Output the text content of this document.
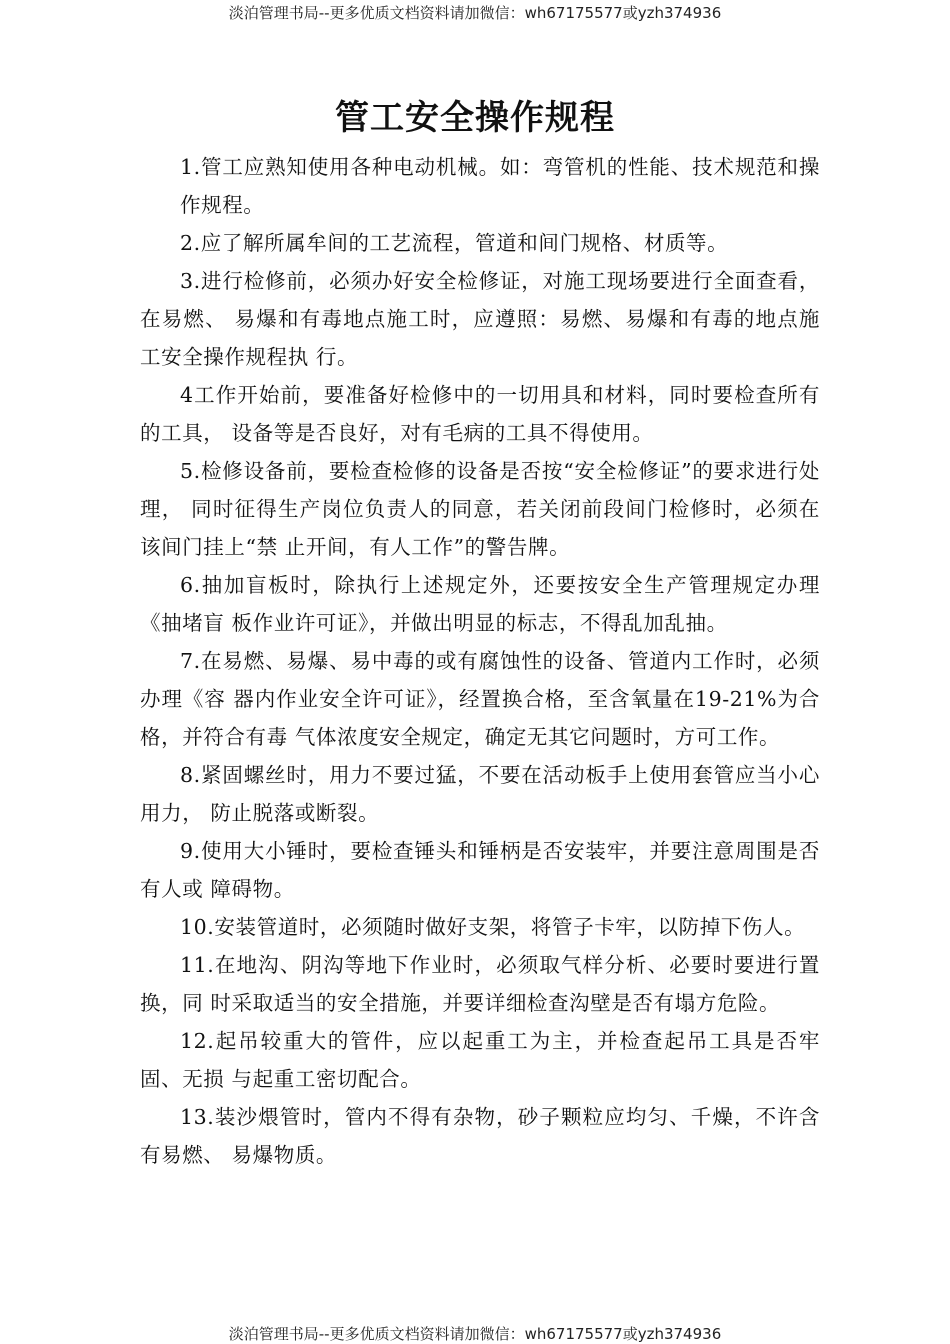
淡泊管理书局--更多优质文档资料请加微信：wh67175577或yzh374936
管工安全操作规程

1.管工应熟知使用各种电动机械。如：弯管机的性能、技术规范和操作规程。

2.应了解所属牟间的工艺流程，管道和间门规格、材质等。

3.进行检修前，必须办好安全检修证，对施工现场要进行全面查看，在易燃、 易爆和有毒地点施工时，应遵照：易燃、易爆和有毒的地点施工安全操作规程执 行。

4工作开始前，要准备好检修中的一切用具和材料，同时要检查所有的工具， 设备等是否良好，对有毛病的工具不得使用。

5.检修设备前，要检查检修的设备是否按“安全检修证”的要求进行处理， 同时征得生产岗位负责人的同意，若关闭前段间门检修时，必须在该间门挂上“禁 止开间，有人工作”的警告牌。

6.抽加盲板时，除执行上述规定外，还要按安全生产管理规定办理《抽堵盲 板作业许可证》，并做出明显的标志，不得乱加乱抽。

7.在易燃、易爆、易中毒的或有腐蚀性的设备、管道内工作时，必须办理《容 器内作业安全许可证》，经置换合格，至含氧量在19-21%为合格，并符合有毒 气体浓度安全规定，确定无其它问题时，方可工作。

8.紧固螺丝时，用力不要过猛，不要在活动板手上使用套管应当小心用力， 防止脱落或断裂。

9.使用大小锤时，要检查锤头和锤柄是否安装牢，并要注意周围是否有人或 障碍物。

10.安装管道时，必须随时做好支架，将管子卡牢，以防掉下伤人。

11.在地沟、阴沟等地下作业时，必须取气样分析、必要时要进行置换，同 时采取适当的安全措施，并要详细检查沟壁是否有塌方危险。

12.起吊较重大的管件，应以起重工为主，并检查起吊工具是否牢固、无损 与起重工密切配合。

13.装沙煨管时，管内不得有杂物，砂子颗粒应均匀、千燥，不许含有易燃、 易爆物质。

淡泊管理书局--更多优质文档资料请加微信：wh67175577或yzh374936
